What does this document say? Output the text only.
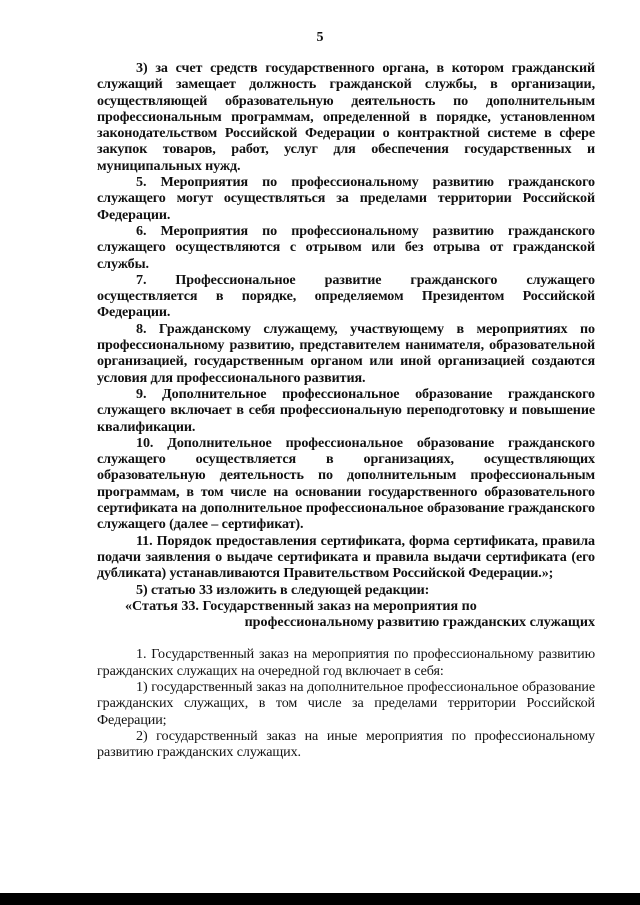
5

3) за счет средств государственного органа, в котором гражданский служащий замещает должность гражданской службы, в организации, осуществляющей образовательную деятельность по дополнительным профессиональным программам, определенной в порядке, установленном законодательством Российской Федерации о контрактной системе в сфере закупок товаров, работ, услуг для обеспечения государственных и муниципальных нужд.

5. Мероприятия по профессиональному развитию гражданского служащего могут осуществляться за пределами территории Российской Федерации.

6. Мероприятия по профессиональному развитию гражданского служащего осуществляются с отрывом или без отрыва от гражданской службы.

7. Профессиональное развитие гражданского служащего осуществляется в порядке, определяемом Президентом Российской Федерации.

8. Гражданскому служащему, участвующему в мероприятиях по профессиональному развитию, представителем нанимателя, образовательной организацией, государственным органом или иной организацией создаются условия для профессионального развития.

9. Дополнительное профессиональное образование гражданского служащего включает в себя профессиональную переподготовку и повышение квалификации.

10. Дополнительное профессиональное образование гражданского служащего осуществляется в организациях, осуществляющих образовательную деятельность по дополнительным профессиональным программам, в том числе на основании государственного образовательного сертификата на дополнительное профессиональное образование гражданского служащего (далее – сертификат).

11. Порядок предоставления сертификата, форма сертификата, правила подачи заявления о выдаче сертификата и правила выдачи сертификата (его дубликата) устанавливаются Правительством Российской Федерации.»;

5) статью 33 изложить в следующей редакции:

«Статья 33. Государственный заказ на мероприятия по

профессиональному развитию гражданских служащих

1. Государственный заказ на мероприятия по профессиональному развитию гражданских служащих на очередной год включает в себя:

1) государственный заказ на дополнительное профессиональное образование гражданских служащих, в том числе за пределами территории Российской Федерации;

2) государственный заказ на иные мероприятия по профессиональному развитию гражданских служащих.
